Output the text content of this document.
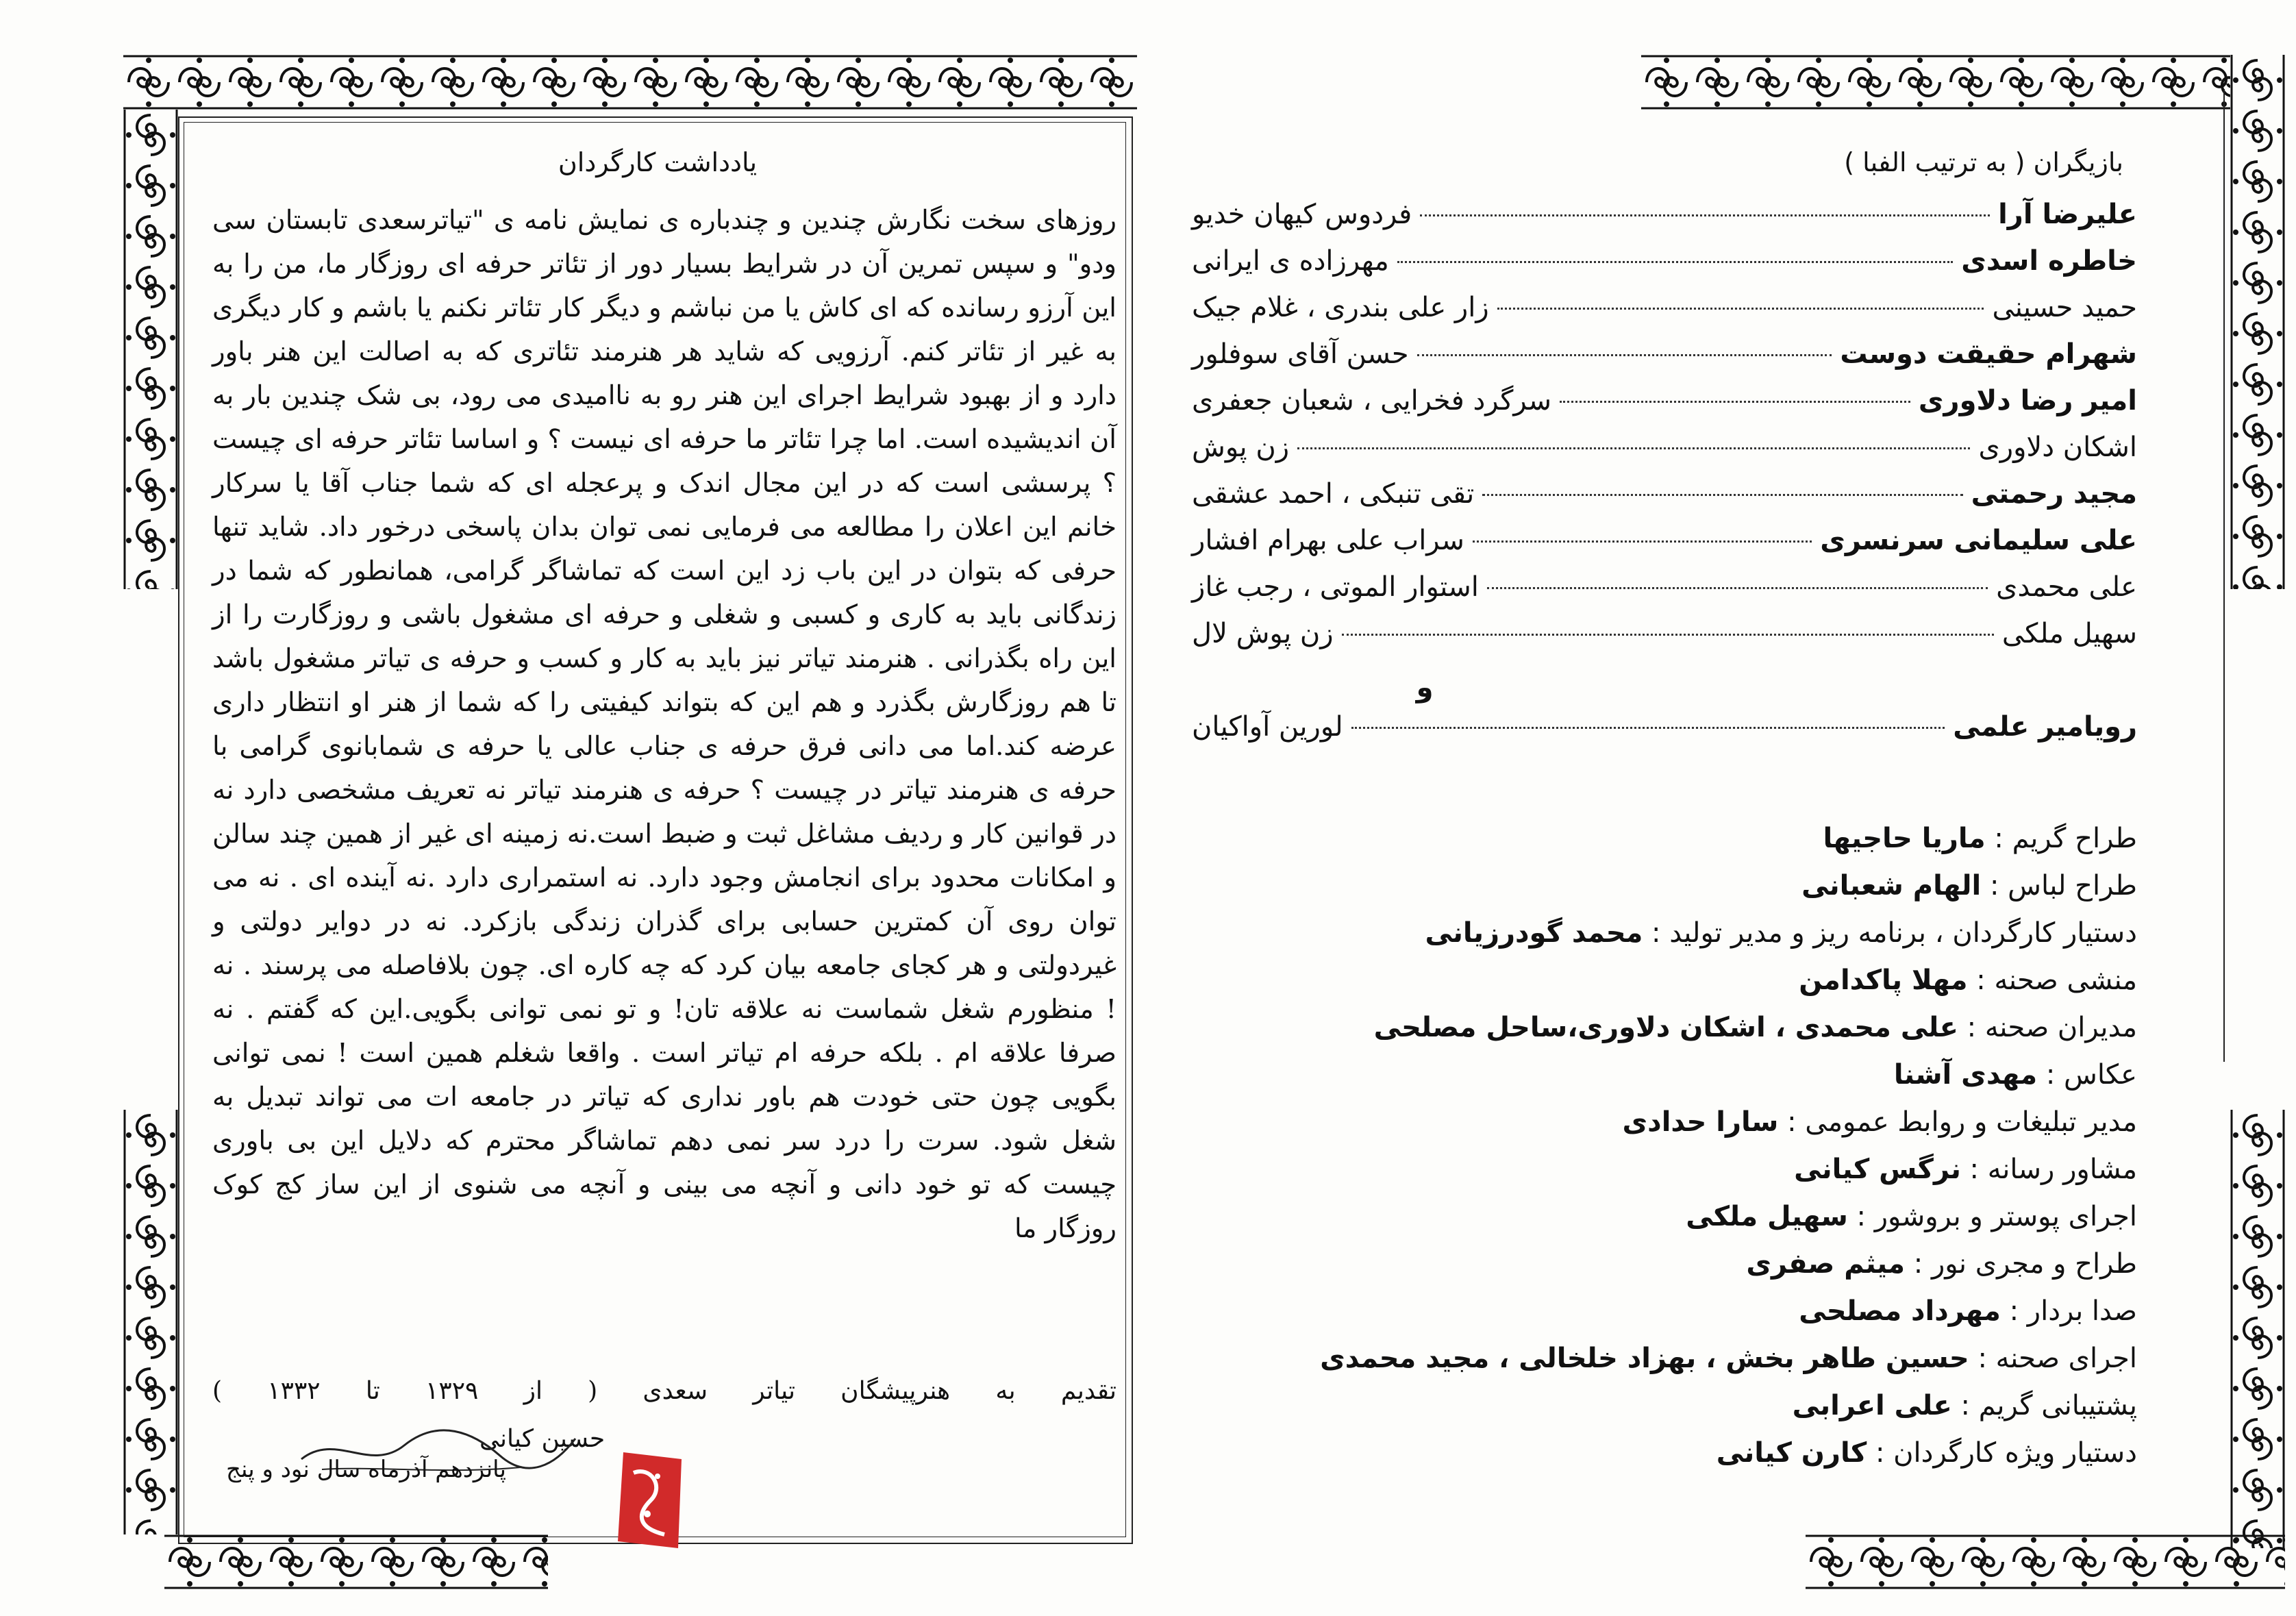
یادداشت کارگردان

روزهای سخت نگارش چندین و چندباره ی نمایش نامه ی "تیاترسعدی تابستان سی ودو" و سپس تمرین آن در شرایط بسیار دور از تئاتر حرفه ای روزگار ما، من را به این آرزو رسانده که ای کاش یا من نباشم و دیگر کار تئاتر نکنم یا باشم و کار دیگری به غیر از تئاتر کنم. آرزویی که شاید هر هنرمند تئاتری که به اصالت این هنر باور دارد و از بهبود شرایط اجرای این هنر رو به ناامیدی می رود، بی شک چندین بار به آن اندیشیده است. اما چرا تئاتر ما حرفه ای نیست ؟ و اساسا تئاتر حرفه ای چیست ؟ پرسشی است که در این مجال اندک و پرعجله ای که شما جناب آقا یا سرکار خانم این اعلان را مطالعه می فرمایی نمی توان بدان پاسخی درخور داد. شاید تنها حرفی که بتوان در این باب زد این است که تماشاگر گرامی، همانطور که شما در زندگانی باید به کاری و کسبی و شغلی و حرفه ای مشغول باشی و روزگارت را از این راه بگذرانی . هنرمند تیاتر نیز باید به کار و کسب و حرفه ی تیاتر مشغول باشد تا هم روزگارش بگذرد و هم این که بتواند کیفیتی را که شما از هنر او انتظار داری عرضه کند.اما می دانی فرق حرفه ی جناب عالی یا حرفه ی شمابانوی گرامی با حرفه ی هنرمند تیاتر در چیست ؟ حرفه ی هنرمند تیاتر نه تعریف مشخصی دارد نه در قوانین کار و ردیف مشاغل ثبت و ضبط است.نه زمینه ای غیر از همین چند سالن و امکانات محدود برای انجامش وجود دارد. نه استمراری دارد .نه آینده ای . نه می توان روی آن کمترین حسابی برای گذران زندگی بازکرد. نه در دوایر دولتی و غیردولتی و هر کجای جامعه بیان کرد که چه کاره ای. چون بلافاصله می پرسند . نه ! منظورم شغل شماست نه علاقه تان! و تو نمی توانی بگویی.این که گفتم . نه صرفا علاقه ام . بلکه حرفه ام تیاتر است . واقعا شغلم همین است ! نمی توانی بگویی چون حتی خودت هم باور نداری که تیاتر در جامعه ات می تواند تبدیل به شغل شود. سرت را درد سر نمی دهم تماشاگر محترم که دلایل این بی باوری چیست که تو خود دانی و آنچه می بینی و آنچه می شنوی از این ساز کج کوک روزگار ما

تقدیم به هنرپیشگان تیاتر سعدی ( از ۱۳۲۹ تا ۱۳۳۲ )
حسین کیانی
پانزدهم آذرماه سال نود و پنج
بازیگران ( به ترتیب الفبا )
علیرضا آرا
فردوس کیهان خدیو
خاطره اسدی
مهرزاده ی ایرانی
حمید حسینی
زار علی بندری ، غلام جیک
شهرام حقیقت دوست
حسن آقای سوفلور
امیر رضا دلاوری
سرگرد فخرایی ، شعبان جعفری
اشکان دلاوری
زن پوش
مجید رحمتی
تقی تنبکی ، احمد عشقی
علی سلیمانی سرنسری
سراب علی بهرام افشار
علی محمدی
استوار الموتی ، رجب غاز
سهیل ملکی
زن پوش لال
و
رویامیر علمی
لورین آواکیان
طراح گریم : ماریا حاجیها
طراح لباس : الهام شعبانی
دستیار کارگردان ، برنامه ریز و مدیر تولید : محمد گودرزیانی
منشی صحنه : مهلا پاکدامن
مدیران صحنه : علی محمدی ، اشکان دلاوری،ساحل مصلحی
عکاس : مهدی آشنا
مدیر تبلیغات و روابط عمومی : سارا حدادی
مشاور رسانه : نرگس کیانی
اجرای پوستر و بروشور : سهیل ملکی
طراح و مجری نور : میثم صفری
صدا بردار : مهرداد مصلحی
اجرای صحنه : حسین طاهر بخش ، بهزاد خلخالی ، مجید محمدی
پشتیبانی گریم : علی اعرابی
دستیار ویژه کارگردان : کارن کیانی
